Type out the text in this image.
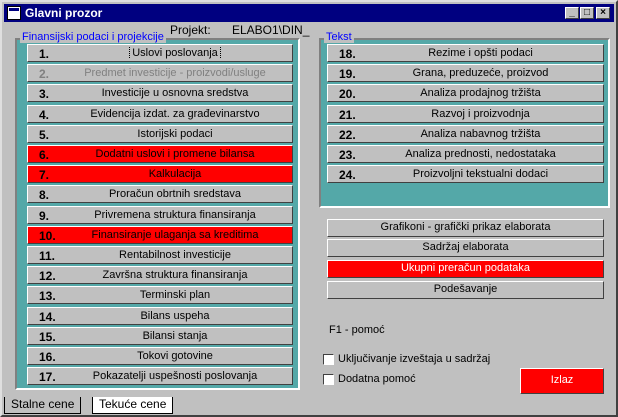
Glavni prozor	_ □	×
Projekt: ELABO1\DIN_
Finansijski podaci i projekcije	Tekst
Grafikoni - grafički prikaz elaborata
Sadržaj elaborata
Ukupni preračun podataka
Podešavanje
F1 - pomoć
Uključivanje izveštaja u sadržaj
Dodatna pomoć	Izlaz
Stalne cene	Tekuće cene
1.	Uslovi poslovanja
2.	Predmet investicije - proizvodi/usluge
3.	Investicije u osnovna sredstva
4.	Evidencija izdat. za građevinarstvo
5.	Istorijski podaci
6.	Dodatni uslovi i promene bilansa
7.	Kalkulacija
8.	Proračun obrtnih sredstava
9.	Privremena struktura finansiranja
10.	Finansiranje ulaganja sa kreditima
11.	Rentabilnost investicije
12.	Završna struktura finansiranja
13.	Terminski plan
14.	Bilans uspeha
15.	Bilansi stanja
16.	Tokovi gotovine
17.	Pokazatelji uspešnosti poslovanja
18.	Rezime i opšti podaci
19.	Grana, preduzeće, proizvod
20.	Analiza prodajnog tržišta
21.	Razvoj i proizvodnja
22.	Analiza nabavnog tržišta
23.	Analiza prednosti, nedostataka
24.	Proizvoljni tekstualni dodaci
